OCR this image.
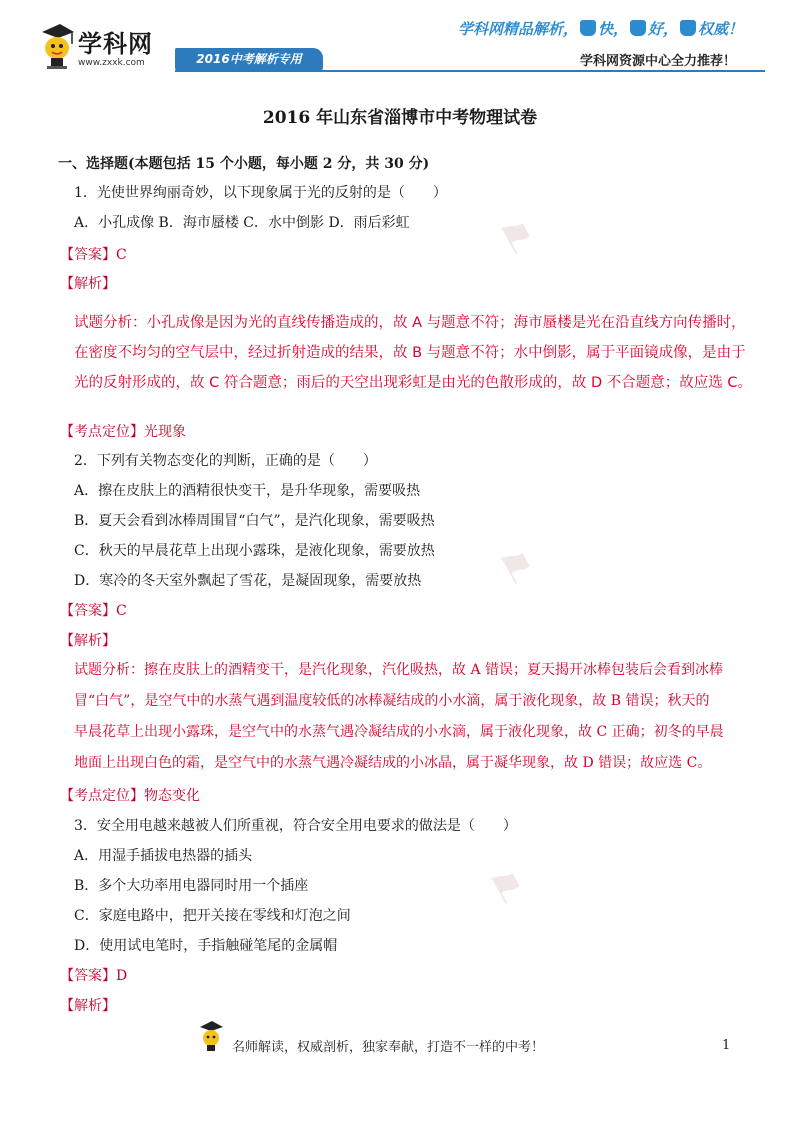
学科网
www.zxxk.com	2016中考解析专用
学科网精品解析， 快， 好， 权威！
学科网资源中心全力推荐！
⚑
⚑
⚑
2016 年山东省淄博市中考物理试卷
一、选择题(本题包括 15 个小题，每小题 2 分，共 30 分)
1．光使世界绚丽奇妙，以下现象属于光的反射的是（　　）
A．小孔成像 B．海市蜃楼 C．水中倒影 D．雨后彩虹
【答案】C
【解析】
试题分析：小孔成像是因为光的直线传播造成的，故 A 与题意不符；海市蜃楼是光在沿直线方向传播时，
在密度不均匀的空气层中，经过折射造成的结果，故 B 与题意不符；水中倒影，属于平面镜成像，是由于
光的反射形成的，故 C 符合题意；雨后的天空出现彩虹是由光的色散形成的，故 D 不合题意；故应选 C。
【考点定位】光现象
2．下列有关物态变化的判断，正确的是（　　）
A．擦在皮肤上的酒精很快变干，是升华现象，需要吸热
B．夏天会看到冰棒周围冒“白气”，是汽化现象，需要吸热
C．秋天的早晨花草上出现小露珠，是液化现象，需要放热
D．寒冷的冬天室外飘起了雪花，是凝固现象，需要放热
【答案】C
【解析】
试题分析：擦在皮肤上的酒精变干，是汽化现象，汽化吸热，故 A 错误；夏天揭开冰棒包装后会看到冰棒
冒“白气”，是空气中的水蒸气遇到温度较低的冰棒凝结成的小水滴，属于液化现象，故 B 错误；秋天的
早晨花草上出现小露珠，是空气中的水蒸气遇冷凝结成的小水滴，属于液化现象，故 C 正确；初冬的早晨
地面上出现白色的霜，是空气中的水蒸气遇冷凝结成的小冰晶，属于凝华现象，故 D 错误；故应选 C。
【考点定位】物态变化
3．安全用电越来越被人们所重视，符合安全用电要求的做法是（　　）
A．用湿手插拔电热器的插头
B．多个大功率用电器同时用一个插座
C．家庭电路中，把开关接在零线和灯泡之间
D．使用试电笔时，手指触碰笔尾的金属帽
【答案】D
【解析】
名师解读，权威剖析，独家奉献，打造不一样的中考！	1
